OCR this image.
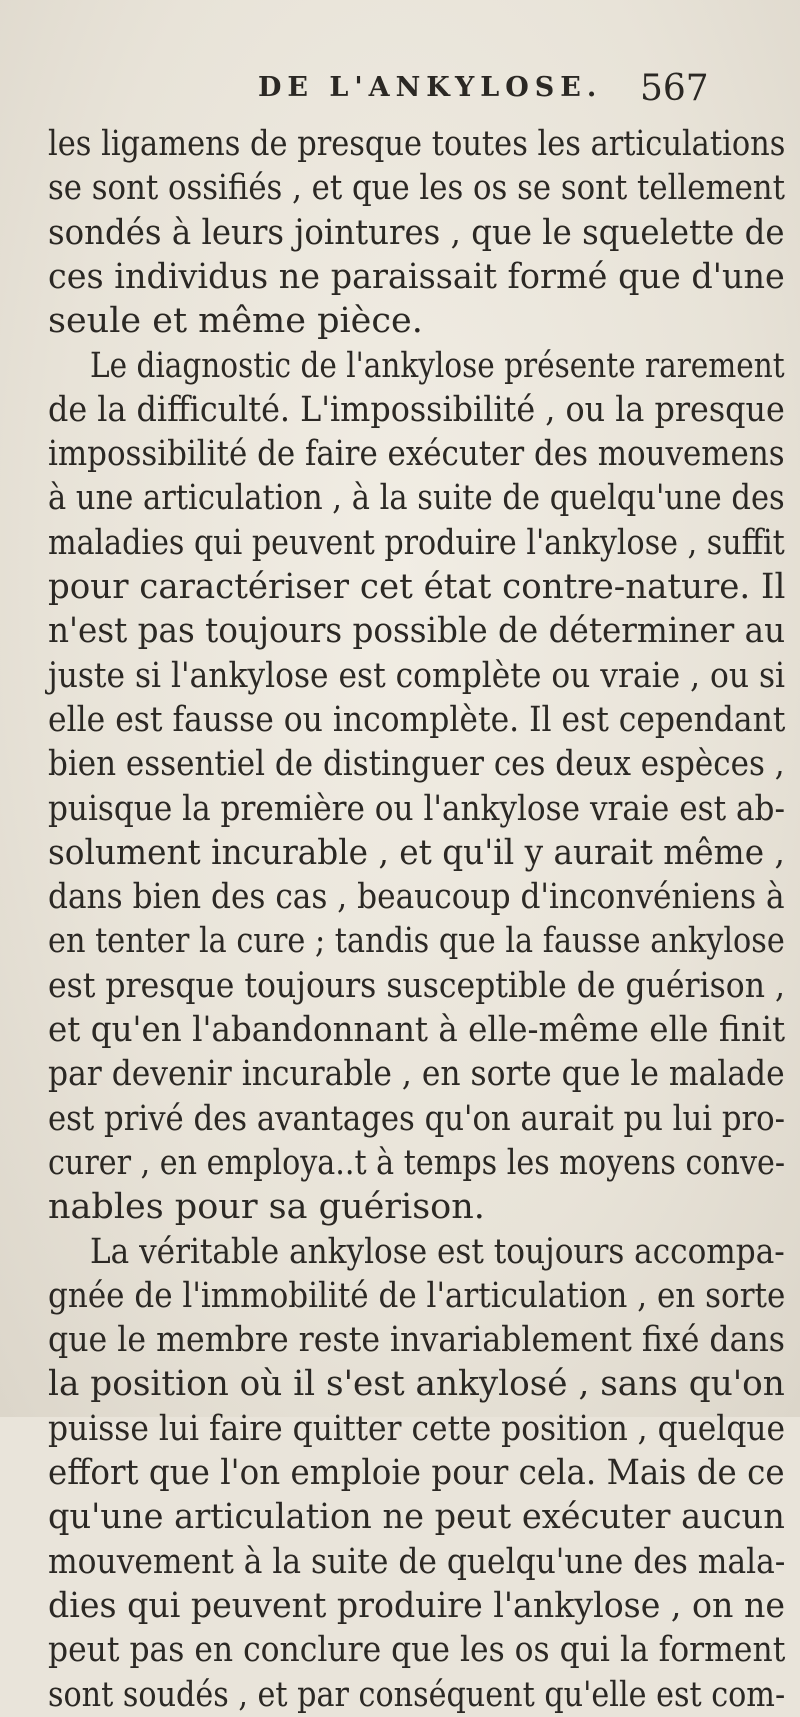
DE L'ANKYLOSE. 567
les ligamens de presque toutes les articulations
se sont ossifiés , et que les os se sont tellement
sondés à leurs jointures , que le squelette de
ces individus ne paraissait formé que d'une
seule et même pièce.
Le diagnostic de l'ankylose présente rarement
de la difficulté. L'impossibilité , ou la presque
impossibilité de faire exécuter des mouvemens
à une articulation , à la suite de quelqu'une des
maladies qui peuvent produire l'ankylose , suffit
pour caractériser cet état contre-nature. Il
n'est pas toujours possible de déterminer au
juste si l'ankylose est complète ou vraie , ou si
elle est fausse ou incomplète. Il est cependant
bien essentiel de distinguer ces deux espèces ,
puisque la première ou l'ankylose vraie est ab-
solument incurable , et qu'il y aurait même ,
dans bien des cas , beaucoup d'inconvéniens à
en tenter la cure ; tandis que la fausse ankylose
est presque toujours susceptible de guérison ,
et qu'en l'abandonnant à elle-même elle finit
par devenir incurable , en sorte que le malade
est privé des avantages qu'on aurait pu lui pro-
curer , en employa..t à temps les moyens conve-
nables pour sa guérison.
La véritable ankylose est toujours accompa-
gnée de l'immobilité de l'articulation , en sorte
que le membre reste invariablement fixé dans
la position où il s'est ankylosé , sans qu'on
puisse lui faire quitter cette position , quelque
effort que l'on emploie pour cela. Mais de ce
qu'une articulation ne peut exécuter aucun
mouvement à la suite de quelqu'une des mala-
dies qui peuvent produire l'ankylose , on ne
peut pas en conclure que les os qui la forment
sont soudés , et par conséquent qu'elle est com-
